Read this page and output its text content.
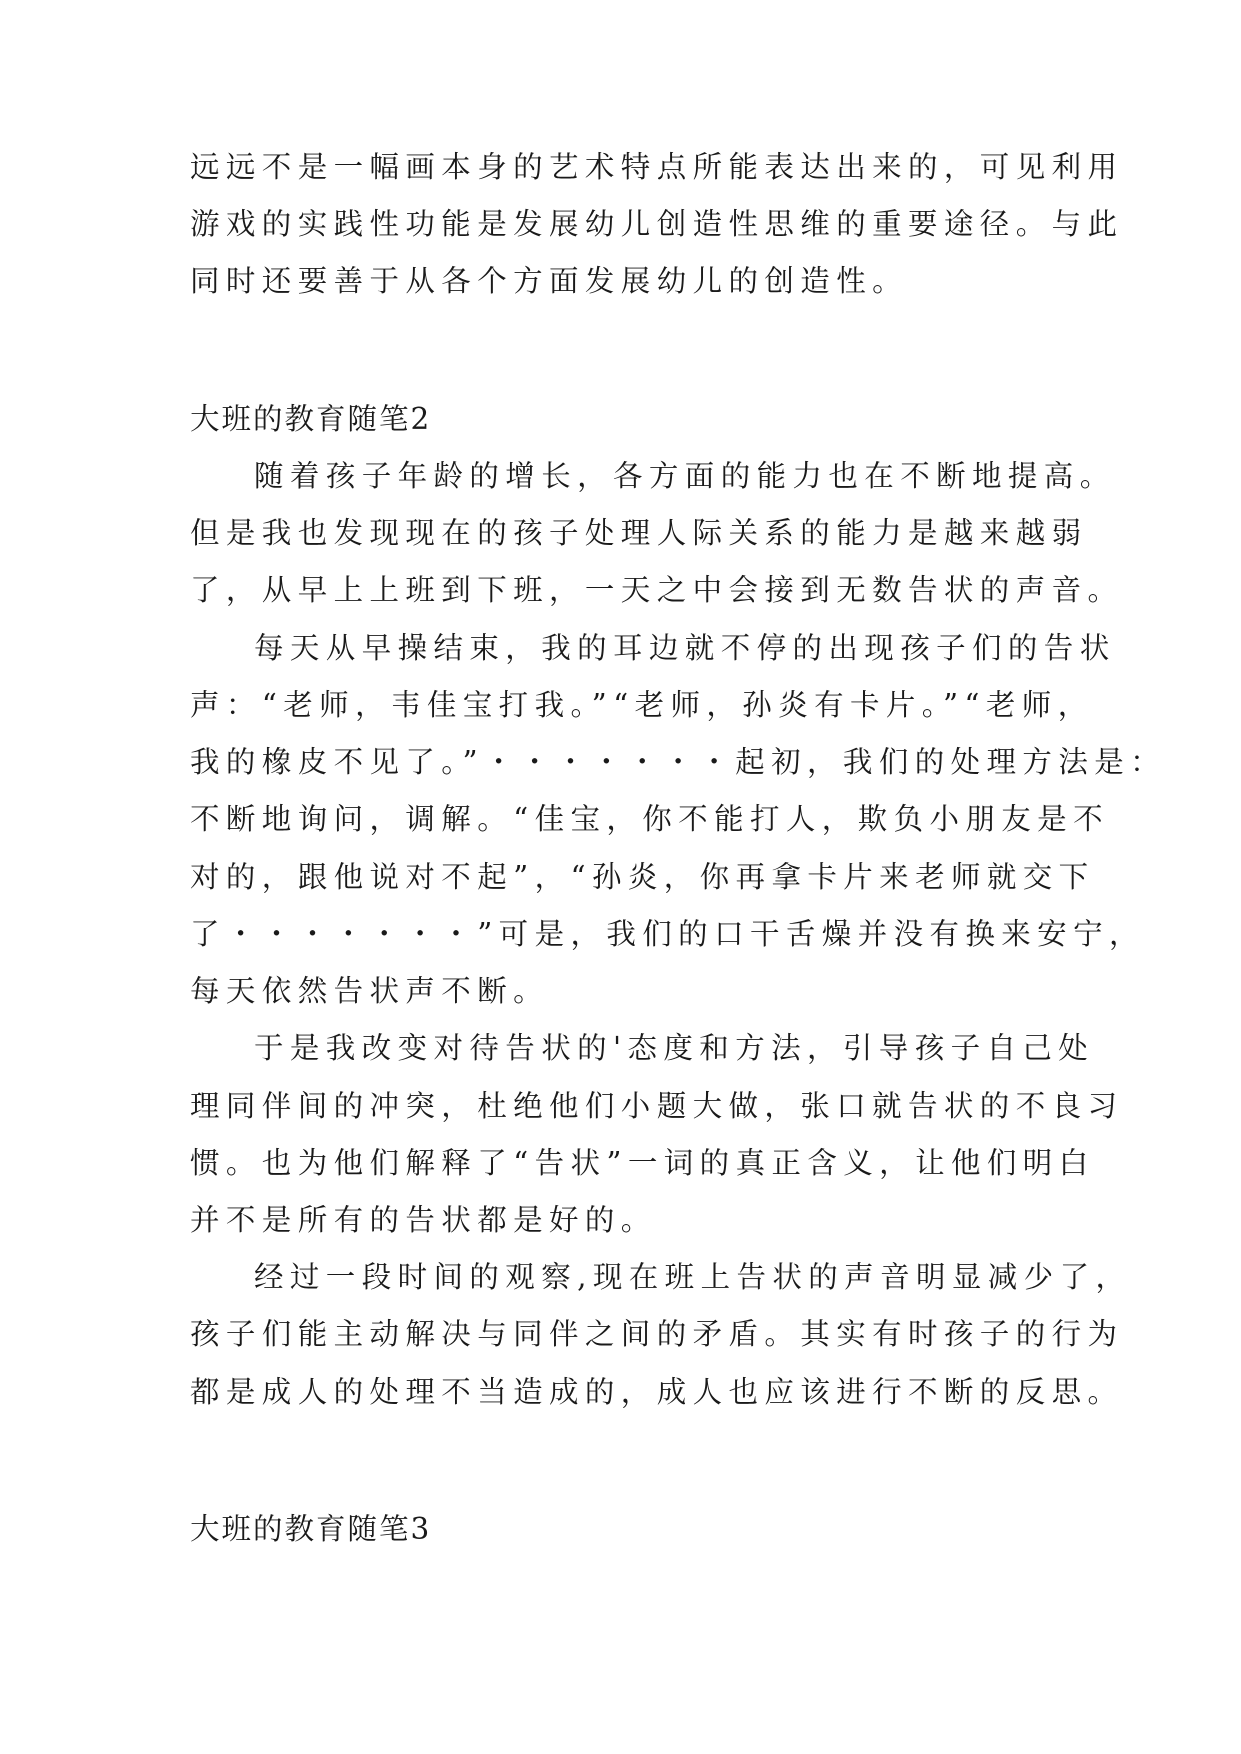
远远不是一幅画本身的艺术特点所能表达出来的，可见利用
游戏的实践性功能是发展幼儿创造性思维的重要途径。与此
同时还要善于从各个方面发展幼儿的创造性。
大班的教育随笔2
随着孩子年龄的增长，各方面的能力也在不断地提高。
但是我也发现现在的孩子处理人际关系的能力是越来越弱
了，从早上上班到下班，一天之中会接到无数告状的声音。
每天从早操结束，我的耳边就不停的出现孩子们的告状
声：“老师，韦佳宝打我。”“老师，孙炎有卡片。”“老师，
我的橡皮不见了。”・・・・・・・起初，我们的处理方法是：
不断地询问，调解。“佳宝，你不能打人，欺负小朋友是不
对的，跟他说对不起”，“孙炎，你再拿卡片来老师就交下
了・・・・・・・”可是，我们的口干舌燥并没有换来安宁，
每天依然告状声不断。
于是我改变对待告状的'态度和方法，引导孩子自己处
理同伴间的冲突，杜绝他们小题大做，张口就告状的不良习
惯。也为他们解释了“告状”一词的真正含义，让他们明白
并不是所有的告状都是好的。
经过一段时间的观察,现在班上告状的声音明显减少了，
孩子们能主动解决与同伴之间的矛盾。其实有时孩子的行为
都是成人的处理不当造成的，成人也应该进行不断的反思。
大班的教育随笔3
